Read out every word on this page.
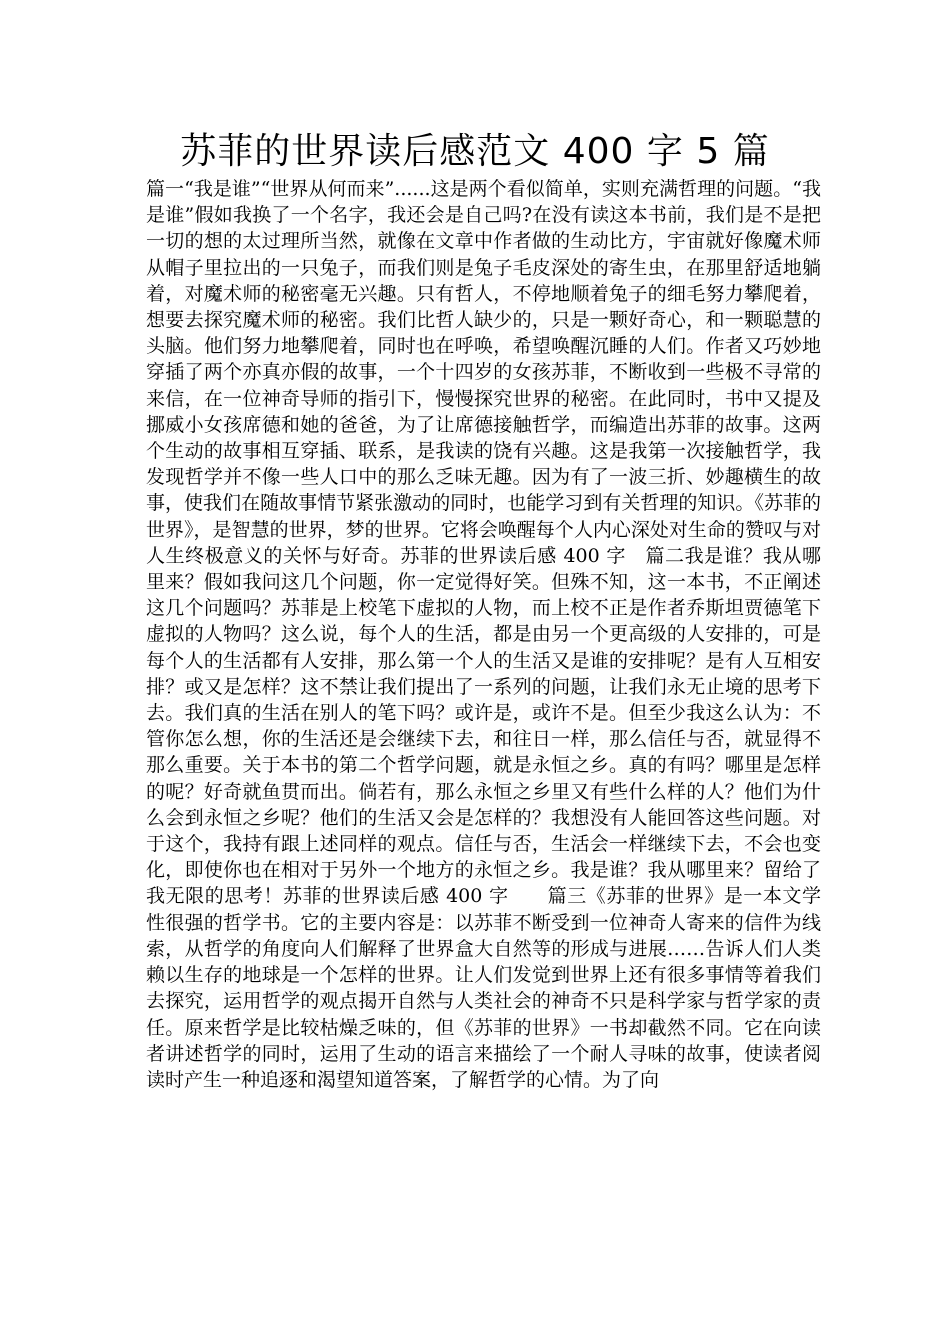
苏菲的世界读后感范文 400 字 5 篇

篇一“我是谁”“世界从何而来”......这是两个看似简单，实则充满哲理的问题。“我是谁”假如我换了一个名字，我还会是自己吗?在没有读这本书前，我们是不是把一切的想的太过理所当然，就像在文章中作者做的生动比方，宇宙就好像魔术师从帽子里拉出的一只兔子，而我们则是兔子毛皮深处的寄生虫，在那里舒适地躺着，对魔术师的秘密毫无兴趣。只有哲人，不停地顺着兔子的细毛努力攀爬着，想要去探究魔术师的秘密。我们比哲人缺少的，只是一颗好奇心，和一颗聪慧的头脑。他们努力地攀爬着，同时也在呼唤，希望唤醒沉睡的人们。作者又巧妙地穿插了两个亦真亦假的故事，一个十四岁的女孩苏菲，不断收到一些极不寻常的来信，在一位神奇导师的指引下，慢慢探究世界的秘密。在此同时，书中又提及挪威小女孩席德和她的爸爸，为了让席德接触哲学，而编造出苏菲的故事。这两个生动的故事相互穿插、联系，是我读的饶有兴趣。这是我第一次接触哲学，我发现哲学并不像一些人口中的那么乏味无趣。因为有了一波三折、妙趣横生的故事，使我们在随故事情节紧张激动的同时，也能学习到有关哲理的知识。《苏菲的世界》，是智慧的世界，梦的世界。它将会唤醒每个人内心深处对生命的赞叹与对人生终极意义的关怀与好奇。苏菲的世界读后感 400 字　篇二我是谁？我从哪里来？假如我问这几个问题，你一定觉得好笑。但殊不知，这一本书，不正阐述这几个问题吗？苏菲是上校笔下虚拟的人物，而上校不正是作者乔斯坦贾德笔下虚拟的人物吗？这么说，每个人的生活，都是由另一个更高级的人安排的，可是每个人的生活都有人安排，那么第一个人的生活又是谁的安排呢？是有人互相安排？或又是怎样？这不禁让我们提出了一系列的问题，让我们永无止境的思考下去。我们真的生活在别人的笔下吗？或许是，或许不是。但至少我这么认为：不管你怎么想，你的生活还是会继续下去，和往日一样，那么信任与否，就显得不那么重要。关于本书的第二个哲学问题，就是永恒之乡。真的有吗？哪里是怎样的呢？好奇就鱼贯而出。倘若有，那么永恒之乡里又有些什么样的人？他们为什么会到永恒之乡呢？他们的生活又会是怎样的？我想没有人能回答这些问题。对于这个，我持有跟上述同样的观点。信任与否，生活会一样继续下去，不会也变化，即使你也在相对于另外一个地方的永恒之乡。我是谁？我从哪里来？留给了我无限的思考！苏菲的世界读后感 400 字　　篇三《苏菲的世界》是一本文学性很强的哲学书。它的主要内容是：以苏菲不断受到一位神奇人寄来的信件为线索，从哲学的角度向人们解释了世界盒大自然等的形成与进展……告诉人们人类赖以生存的地球是一个怎样的世界。让人们发觉到世界上还有很多事情等着我们去探究，运用哲学的观点揭开自然与人类社会的神奇不只是科学家与哲学家的责任。原来哲学是比较枯燥乏味的，但《苏菲的世界》一书却截然不同。它在向读者讲述哲学的同时，运用了生动的语言来描绘了一个耐人寻味的故事，使读者阅读时产生一种追逐和渴望知道答案，了解哲学的心情。为了向
